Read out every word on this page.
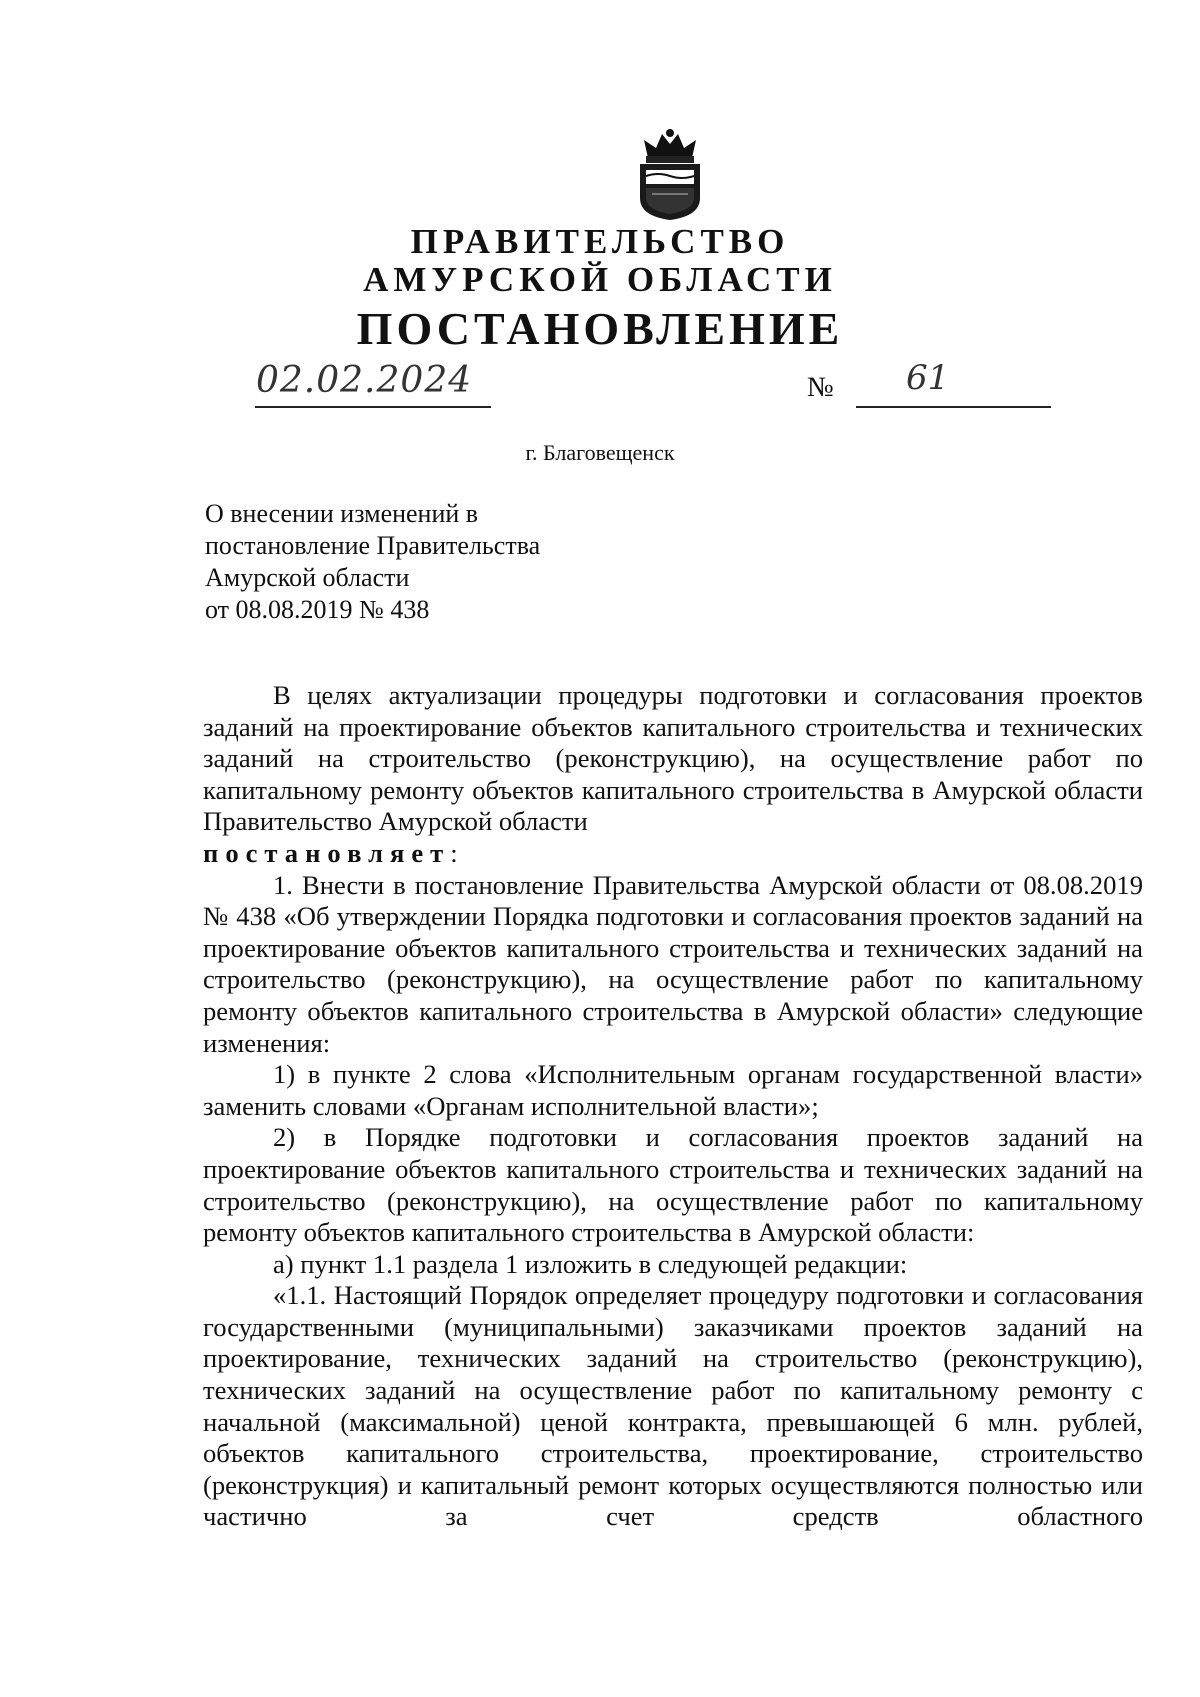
ПРАВИТЕЛЬСТВО
АМУРСКОЙ ОБЛАСТИ
ПОСТАНОВЛЕНИЕ
02.02.2024	№ 61
г. Благовещенск
О внесении изменений в
постановление Правительства
Амурской области
от 08.08.2019 № 438

В целях актуализации процедуры подготовки и согласования проектов заданий на проектирование объектов капитального строительства и технических заданий на строительство (реконструкцию), на осуществление работ по капитальному ремонту объектов капитального строительства в Амурской области Правительство Амурской области

постановляет:

1. Внести в постановление Правительства Амурской области от 08.08.2019 № 438 «Об утверждении Порядка подготовки и согласования проектов заданий на проектирование объектов капитального строительства и технических заданий на строительство (реконструкцию), на осуществление работ по капитальному ремонту объектов капитального строительства в Амурской области» следующие изменения:

1) в пункте 2 слова «Исполнительным органам государственной власти» заменить словами «Органам исполнительной власти»;

2) в Порядке подготовки и согласования проектов заданий на проектирование объектов капитального строительства и технических заданий на строительство (реконструкцию), на осуществление работ по капитальному ремонту объектов капитального строительства в Амурской области:

а) пункт 1.1 раздела 1 изложить в следующей редакции:

«1.1. Настоящий Порядок определяет процедуру подготовки и согласования государственными (муниципальными) заказчиками проектов заданий на проектирование, технических заданий на строительство (реконструкцию), технических заданий на осуществление работ по капитальному ремонту с начальной (максимальной) ценой контракта, превышающей 6 млн. рублей, объектов капитального строительства, проектирование, строительство (реконструкция) и капитальный ремонт которых осуществляются полностью или частично за счет средств областного
